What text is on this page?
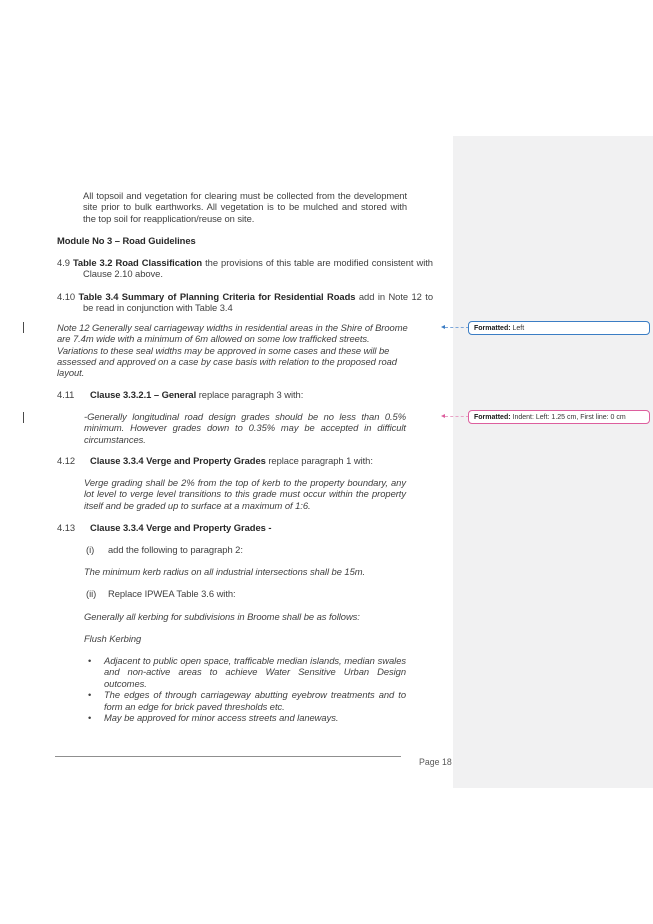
All topsoil and vegetation for clearing must be collected from the development site prior to bulk earthworks. All vegetation is to be mulched and stored with the top soil for reapplication/reuse on site.
Module No 3 – Road Guidelines
4.9 Table 3.2 Road Classification the provisions of this table are modified consistent with Clause 2.10 above.
4.10 Table 3.4 Summary of Planning Criteria for Residential Roads add in Note 12 to be read in conjunction with Table 3.4
Note 12 Generally seal carriageway widths in residential areas in the Shire of Broome are 7.4m wide with a minimum of 6m allowed on some low trafficked streets. Variations to these seal widths may be approved in some cases and these will be assessed and approved on a case by case basis with relation to the proposed road layout.
4.11 Clause 3.3.2.1 – General replace paragraph 3 with:
-Generally longitudinal road design grades should be no less than 0.5% minimum. However grades down to 0.35% may be accepted in difficult circumstances.
4.12 Clause 3.3.4 Verge and Property Grades replace paragraph 1 with:
Verge grading shall be 2% from the top of kerb to the property boundary, any lot level to verge level transitions to this grade must occur within the property itself and be graded up to surface at a maximum of 1:6.
4.13 Clause 3.3.4 Verge and Property Grades -
(i) add the following to paragraph 2:
The minimum kerb radius on all industrial intersections shall be 15m.
(ii) Replace IPWEA Table 3.6 with:
Generally all kerbing for subdivisions in Broome shall be as follows:
Flush Kerbing
• Adjacent to public open space, trafficable median islands, median swales and non-active areas to achieve Water Sensitive Urban Design outcomes.
• The edges of through carriageway abutting eyebrow treatments and to form an edge for brick paved thresholds etc.
• May be approved for minor access streets and laneways.
Page 18
Formatted: Left
Formatted: Indent: Left: 1.25 cm, First line: 0 cm
